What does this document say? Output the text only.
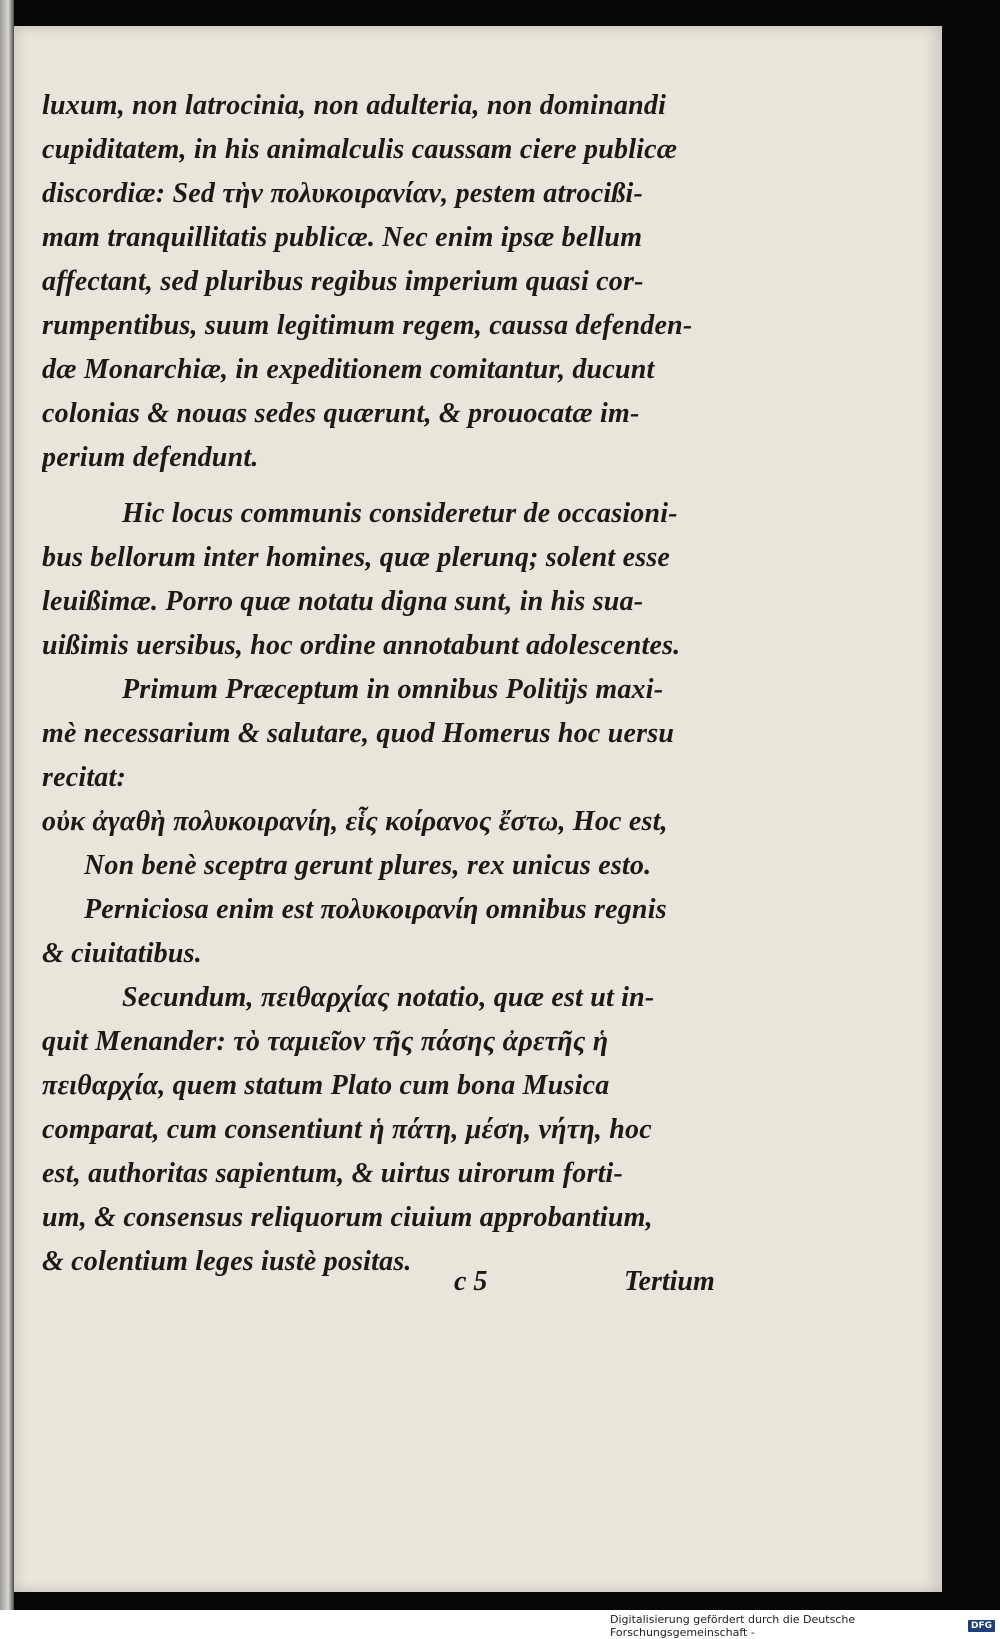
luxum, non latrocinia, non adulteria, non dominandi
cupiditatem, in his animalculis caussam ciere publicæ
discordiæ: Sed τὴν πολυκοιρανίαν, pestem atrocißi-
mam tranquillitatis publicæ. Nec enim ipsæ bellum
affectant, sed pluribus regibus imperium quasi cor-
rumpentibus, suum legitimum regem, caussa defenden-
dæ Monarchiæ, in expeditionem comitantur, ducunt
colonias & nouas sedes quærunt, & prouocatæ im-
perium defendunt.
Hic locus communis consideretur de occasioni-
bus bellorum inter homines, quæ plerunq; solent esse
leuißimæ. Porro quæ notatu digna sunt, in his sua-
uißimis uersibus, hoc ordine annotabunt adolescentes.
Primum Præceptum in omnibus Politijs maxi-
mè necessarium & salutare, quod Homerus hoc uersu
recitat:
οὐκ ἀγαθὴ πολυκοιρανίη, εἷς κοίρανος ἔστω, Hoc est,
Non benè sceptra gerunt plures, rex unicus esto.
Perniciosa enim est πολυκοιρανίη omnibus regnis
& ciuitatibus.
Secundum, πειθαρχίας notatio, quæ est ut in-
quit Menander: τὸ ταμιεῖον τῆς πάσης ἀρετῆς ἡ
πειθαρχία, quem statum Plato cum bona Musica
comparat, cum consentiunt ἡ πάτη, μέση, νήτη, hoc
est, authoritas sapientum, & uirtus uirorum forti-
um, & consensus reliquorum ciuium approbantium,
& colentium leges iustè positas.
c 5	Tertium
Digitalisierung gefördert durch die Deutsche Forschungsgemeinschaft -	DFG
